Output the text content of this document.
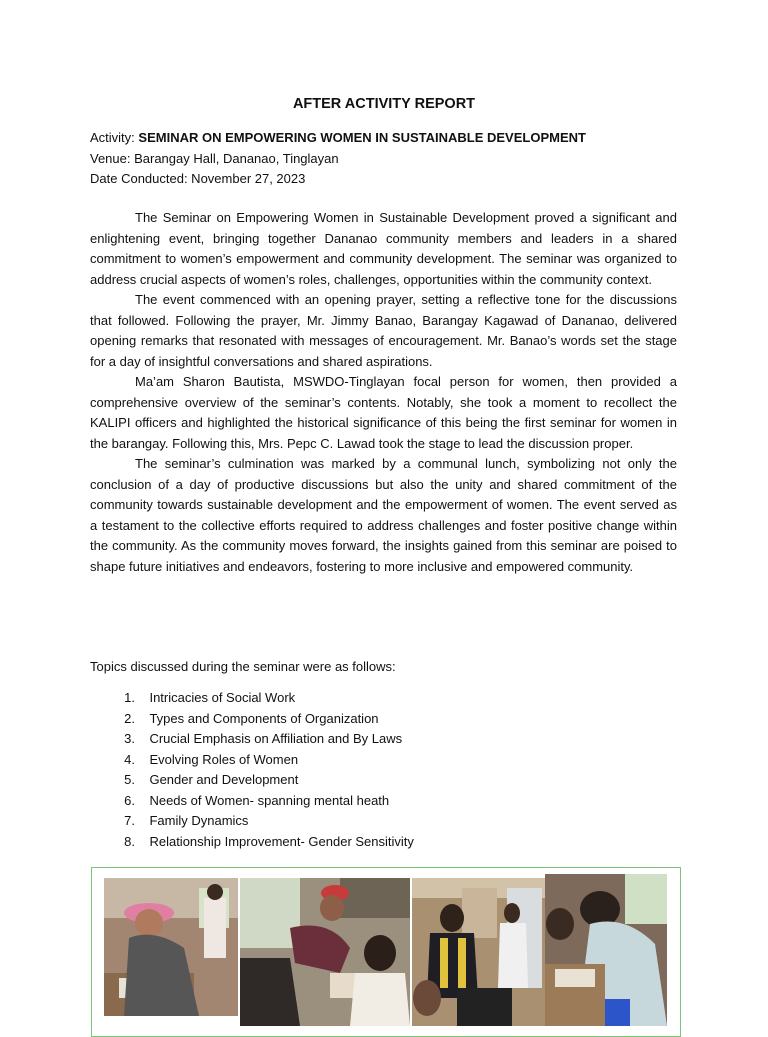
AFTER ACTIVITY REPORT
Activity: SEMINAR ON EMPOWERING WOMEN IN SUSTAINABLE DEVELOPMENT
Venue: Barangay Hall, Dananao, Tinglayan
Date Conducted: November 27, 2023

The Seminar on Empowering Women in Sustainable Development proved a significant and enlightening event, bringing together Dananao community members and leaders in a shared commitment to women’s empowerment and community development. The seminar was organized to address crucial aspects of women’s roles, challenges, opportunities within the community context.

The event commenced with an opening prayer, setting a reflective tone for the discussions that followed. Following the prayer, Mr. Jimmy Banao, Barangay Kagawad of Dananao, delivered opening remarks that resonated with messages of encouragement. Mr. Banao’s words set the stage for a day of insightful conversations and shared aspirations.

Ma’am Sharon Bautista, MSWDO-Tinglayan focal person for women, then provided a comprehensive overview of the seminar’s contents. Notably, she took a moment to recollect the KALIPI officers and highlighted the historical significance of this being the first seminar for women in the barangay. Following this, Mrs. Pepc C. Lawad took the stage to lead the discussion proper.

The seminar’s culmination was marked by a communal lunch, symbolizing not only the conclusion of a day of productive discussions but also the unity and shared commitment of the community towards sustainable development and the empowerment of women. The event served as a testament to the collective efforts required to address challenges and foster positive change within the community. As the community moves forward, the insights gained from this seminar are poised to shape future initiatives and endeavors, fostering to more inclusive and empowered community.

Topics discussed during the seminar were as follows:
1.
Intricacies of Social Work
2.
Types and Components of Organization
3.
Crucial Emphasis on Affiliation and By Laws
4.
Evolving Roles of Women
5.
Gender and Development
6.
Needs of Women- spanning mental heath
7.
Family Dynamics
8.
Relationship Improvement- Gender Sensitivity
